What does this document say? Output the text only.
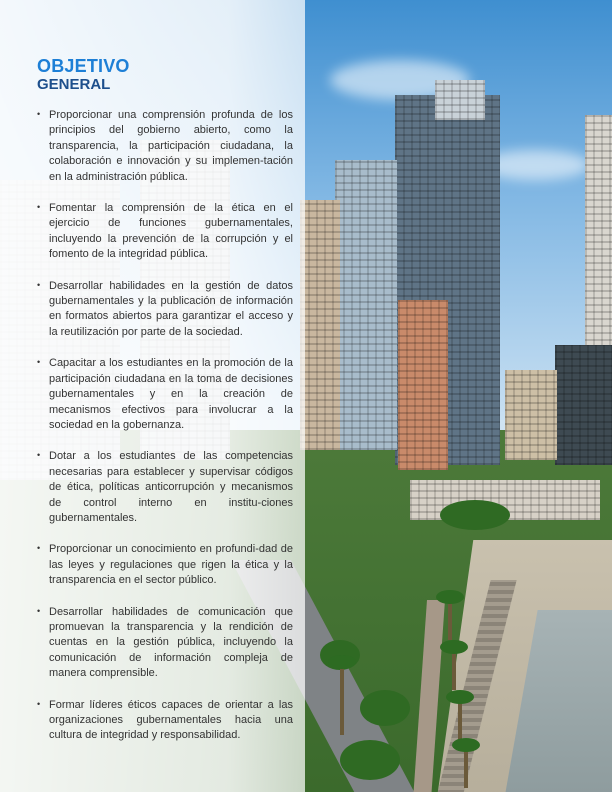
OBJETIVO
GENERAL
• Proporcionar una comprensión profunda de los principios del gobierno abierto, como la transparencia, la participación ciudadana, la colaboración e innovación y su implemen-tación en la administración pública.
• Fomentar la comprensión de la ética en el ejercicio de funciones gubernamentales, incluyendo la prevención de la corrupción y el fomento de la integridad pública.
• Desarrollar habilidades en la gestión de datos gubernamentales y la publicación de información en formatos abiertos para garantizar el acceso y la reutilización por parte de la sociedad.
• Capacitar a los estudiantes en la promoción de la participación ciudadana en la toma de decisiones gubernamentales y en la creación de mecanismos efectivos para involucrar a la sociedad en la gobernanza.
• Dotar a los estudiantes de las competencias necesarias para establecer y supervisar códigos de ética, políticas anticorrupción y mecanismos de control interno en institu-ciones gubernamentales.
• Proporcionar un conocimiento en profundi-dad de las leyes y regulaciones que rigen la ética y la transparencia en el sector público.
• Desarrollar habilidades de comunicación que promuevan la transparencia y la rendición de cuentas en la gestión pública, incluyendo la comunicación de información compleja de manera comprensible.
• Formar líderes éticos capaces de orientar a las organizaciones gubernamentales hacia una cultura de integridad y responsabilidad.
